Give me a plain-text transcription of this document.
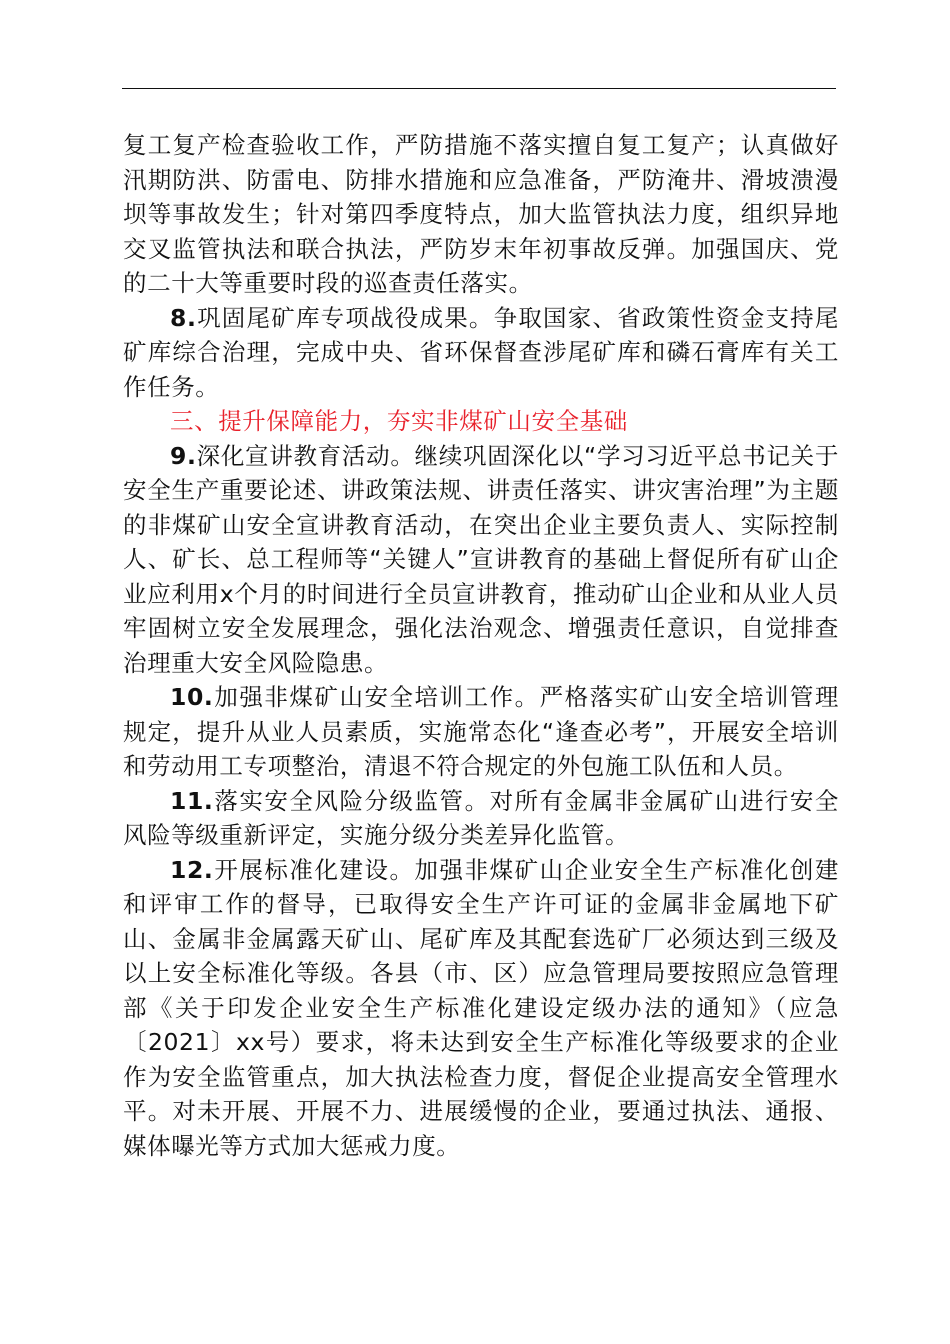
复工复产检查验收工作，严防措施不落实擅自复工复产；认真做好汛期防洪、防雷电、防排水措施和应急准备，严防淹井、滑坡溃漫坝等事故发生；针对第四季度特点，加大监管执法力度，组织异地交叉监管执法和联合执法，严防岁末年初事故反弹。加强国庆、党的二十大等重要时段的巡查责任落实。

8.巩固尾矿库专项战役成果。争取国家、省政策性资金支持尾矿库综合治理，完成中央、省环保督查涉尾矿库和磷石膏库有关工作任务。

三、提升保障能力，夯实非煤矿山安全基础

9.深化宣讲教育活动。继续巩固深化以“学习习近平总书记关于安全生产重要论述、讲政策法规、讲责任落实、讲灾害治理”为主题的非煤矿山安全宣讲教育活动，在突出企业主要负责人、实际控制人、矿长、总工程师等“关键人”宣讲教育的基础上督促所有矿山企业应利用x个月的时间进行全员宣讲教育，推动矿山企业和从业人员牢固树立安全发展理念，强化法治观念、增强责任意识，自觉排查治理重大安全风险隐患。

10.加强非煤矿山安全培训工作。严格落实矿山安全培训管理规定，提升从业人员素质，实施常态化“逢查必考”，开展安全培训和劳动用工专项整治，清退不符合规定的外包施工队伍和人员。

11.落实安全风险分级监管。对所有金属非金属矿山进行安全风险等级重新评定，实施分级分类差异化监管。

12.开展标准化建设。加强非煤矿山企业安全生产标准化创建和评审工作的督导，已取得安全生产许可证的金属非金属地下矿山、金属非金属露天矿山、尾矿库及其配套选矿厂必须达到三级及以上安全标准化等级。各县（市、区）应急管理局要按照应急管理部《关于印发企业安全生产标准化建设定级办法的通知》（应急〔2021〕xx号）要求，将未达到安全生产标准化等级要求的企业作为安全监管重点，加大执法检查力度，督促企业提高安全管理水平。对未开展、开展不力、进展缓慢的企业，要通过执法、通报、媒体曝光等方式加大惩戒力度。
